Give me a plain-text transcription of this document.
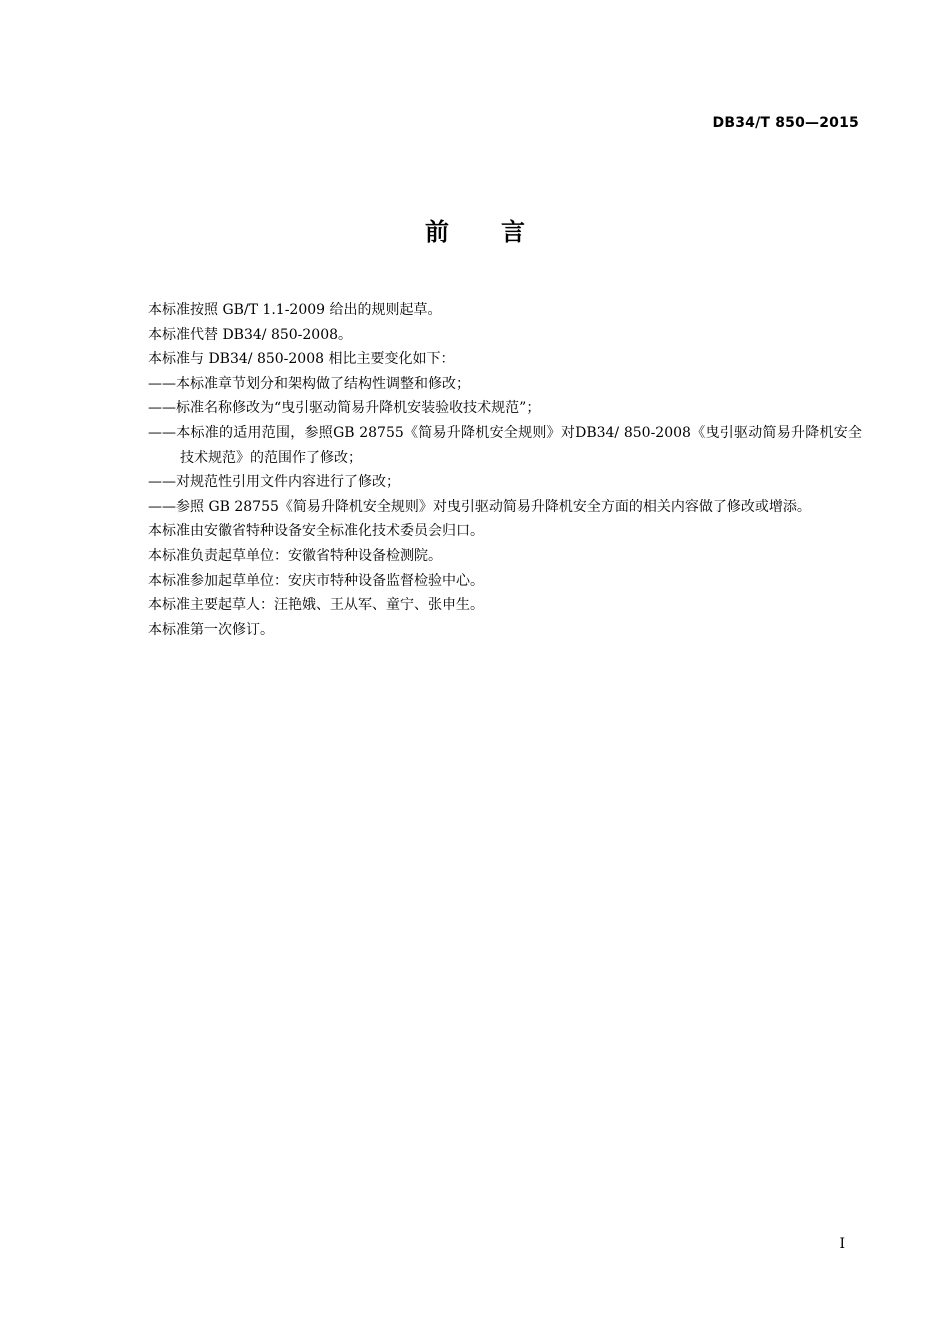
DB34/T 850—2015
前 言

本标准按照 GB/T 1.1-2009 给出的规则起草。

本标准代替 DB34/ 850-2008。

本标准与 DB34/ 850-2008 相比主要变化如下：

——本标准章节划分和架构做了结构性调整和修改；

——标准名称修改为“曳引驱动简易升降机安装验收技术规范”；

——本标准的适用范围，参照GB 28755《简易升降机安全规则》对DB34/ 850-2008《曳引驱动简易升降机安全技术规范》的范围作了修改；

——对规范性引用文件内容进行了修改；

——参照 GB 28755《简易升降机安全规则》对曳引驱动简易升降机安全方面的相关内容做了修改或增添。

本标准由安徽省特种设备安全标准化技术委员会归口。

本标准负责起草单位：安徽省特种设备检测院。

本标准参加起草单位：安庆市特种设备监督检验中心。

本标准主要起草人：汪艳娥、王从军、童宁、张申生。

本标准第一次修订。

I
